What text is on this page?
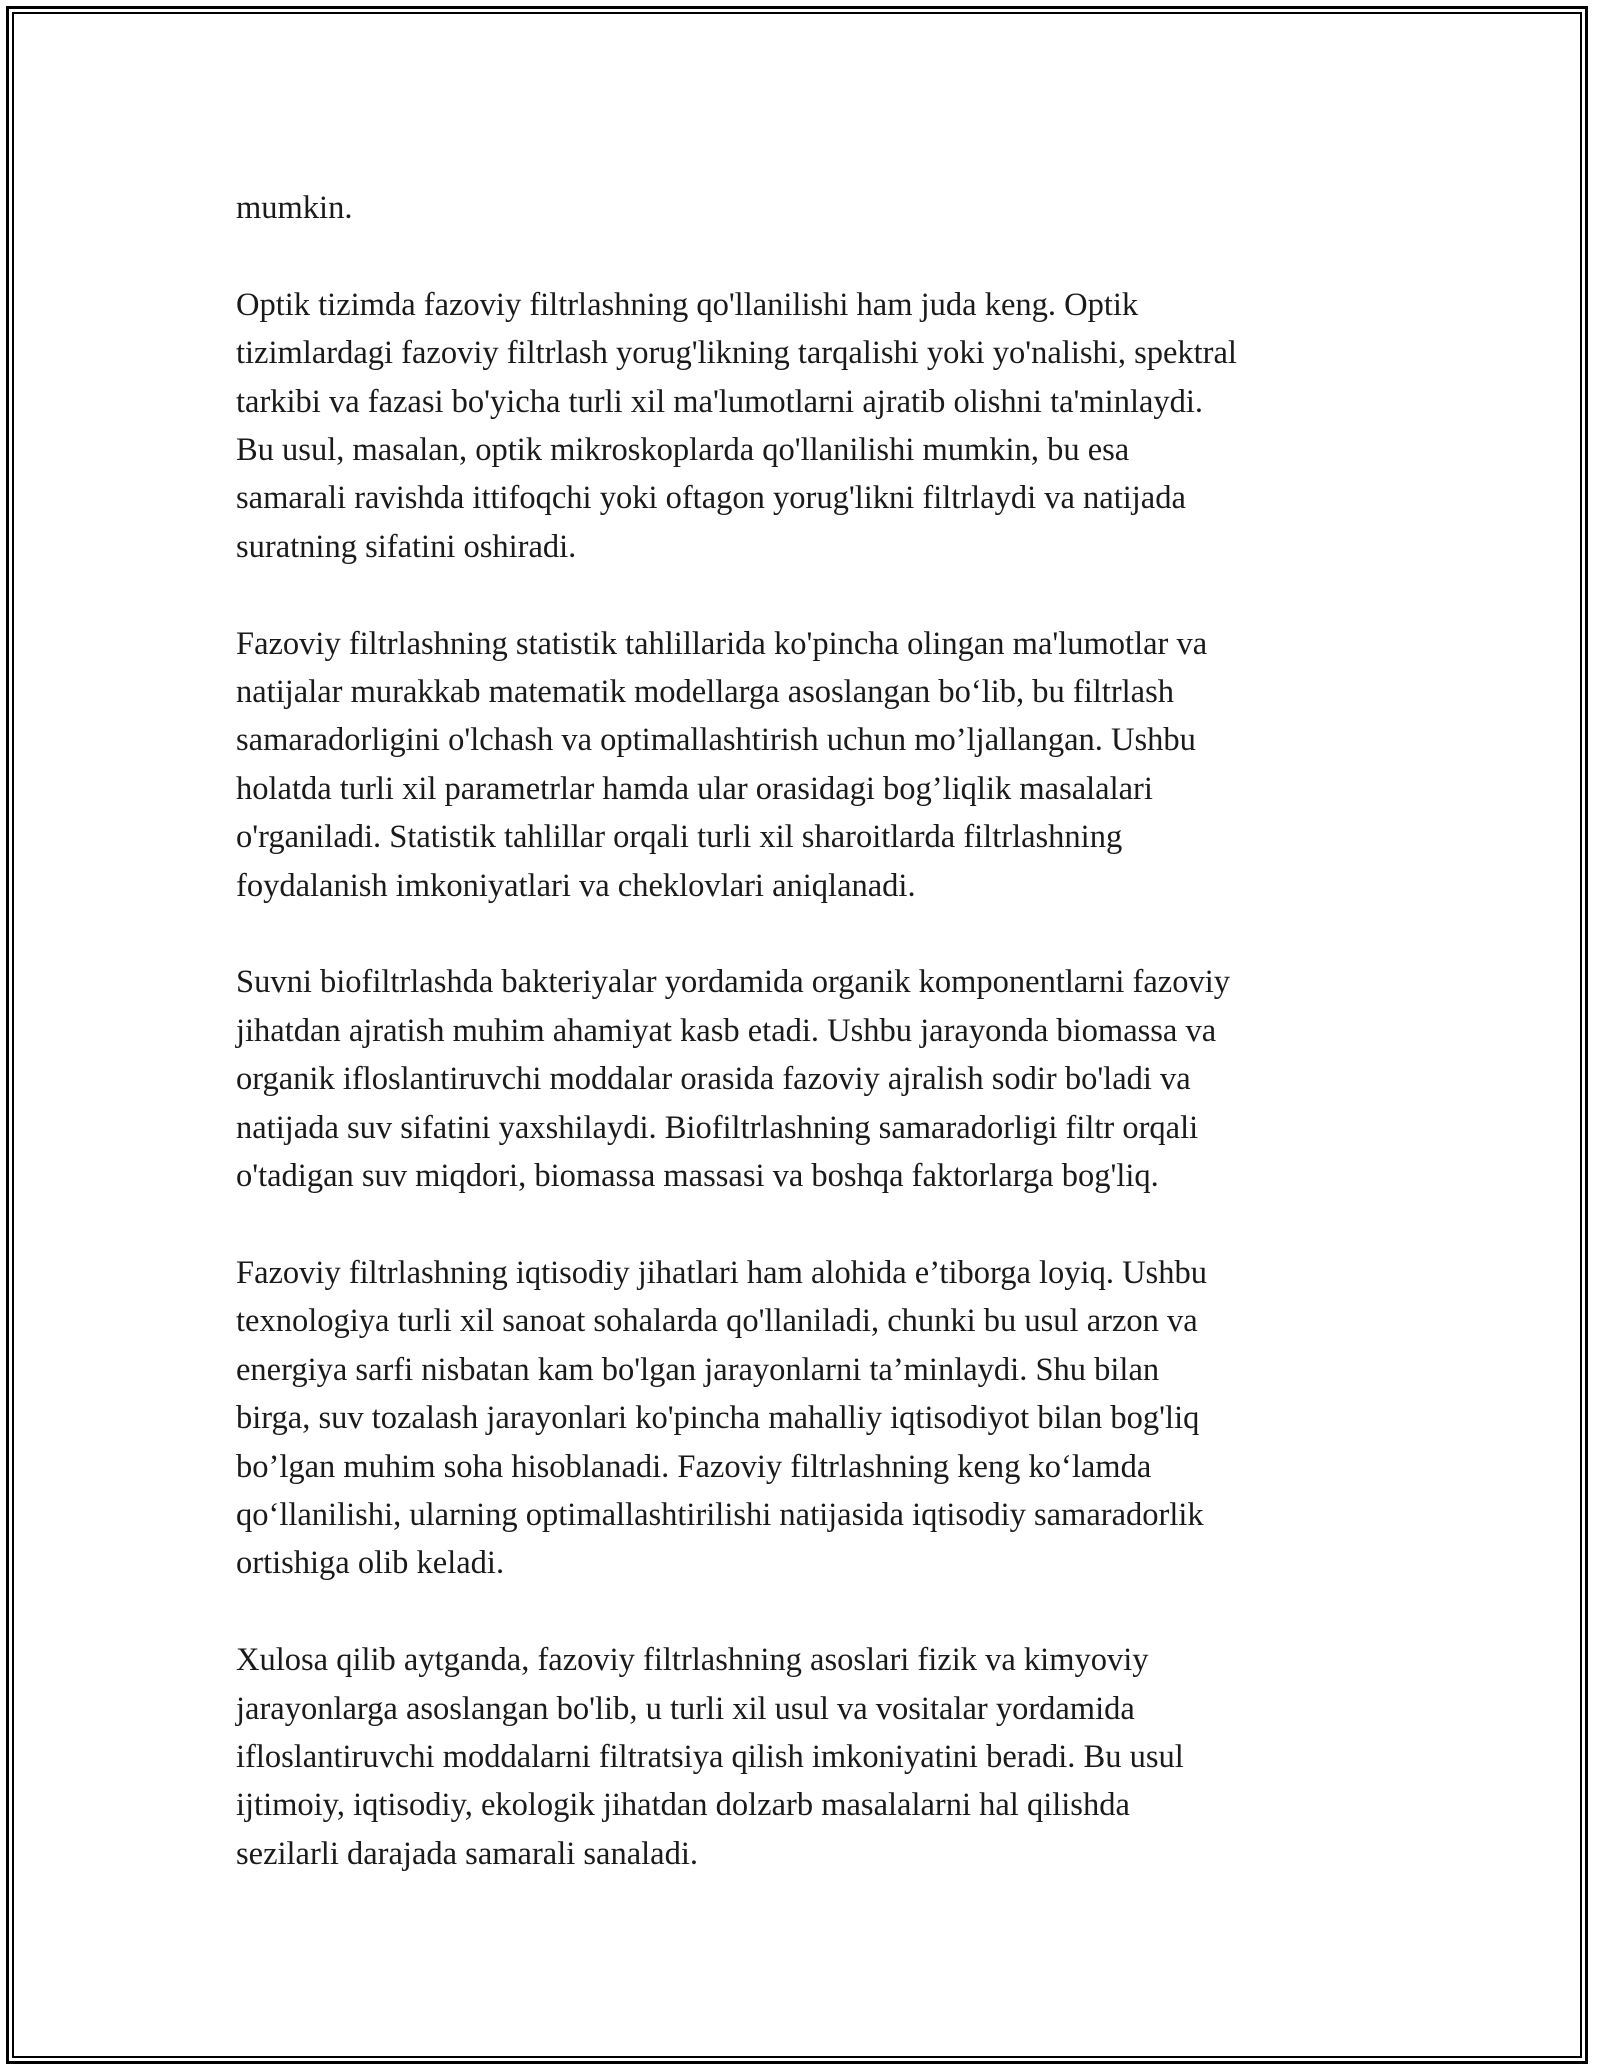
mumkin.

Optik tizimda fazoviy filtrlashning qo'llanilishi ham juda keng. Optik
tizimlardagi fazoviy filtrlash yorug'likning tarqalishi yoki yo'nalishi, spektral
tarkibi va fazasi bo'yicha turli xil ma'lumotlarni ajratib olishni ta'minlaydi.
Bu usul, masalan, optik mikroskoplarda qo'llanilishi mumkin, bu esa
samarali ravishda ittifoqchi yoki oftagon yorug'likni filtrlaydi va natijada
suratning sifatini oshiradi.

Fazoviy filtrlashning statistik tahlillarida ko'pincha olingan ma'lumotlar va
natijalar murakkab matematik modellarga asoslangan bo‘lib, bu filtrlash
samaradorligini o'lchash va optimallashtirish uchun mo’ljallangan. Ushbu
holatda turli xil parametrlar hamda ular orasidagi bog’liqlik masalalari
o'rganiladi. Statistik tahlillar orqali turli xil sharoitlarda filtrlashning
foydalanish imkoniyatlari va cheklovlari aniqlanadi.

Suvni biofiltrlashda bakteriyalar yordamida organik komponentlarni fazoviy
jihatdan ajratish muhim ahamiyat kasb etadi. Ushbu jarayonda biomassa va
organik ifloslantiruvchi moddalar orasida fazoviy ajralish sodir bo'ladi va
natijada suv sifatini yaxshilaydi. Biofiltrlashning samaradorligi filtr orqali
o'tadigan suv miqdori, biomassa massasi va boshqa faktorlarga bog'liq.

Fazoviy filtrlashning iqtisodiy jihatlari ham alohida e’tiborga loyiq. Ushbu
texnologiya turli xil sanoat sohalarda qo'llaniladi, chunki bu usul arzon va
energiya sarfi nisbatan kam bo'lgan jarayonlarni ta’minlaydi. Shu bilan
birga, suv tozalash jarayonlari ko'pincha mahalliy iqtisodiyot bilan bog'liq
bo’lgan muhim soha hisoblanadi. Fazoviy filtrlashning keng ko‘lamda
qo‘llanilishi, ularning optimallashtirilishi natijasida iqtisodiy samaradorlik
ortishiga olib keladi.

Xulosa qilib aytganda, fazoviy filtrlashning asoslari fizik va kimyoviy
jarayonlarga asoslangan bo'lib, u turli xil usul va vositalar yordamida
ifloslantiruvchi moddalarni filtratsiya qilish imkoniyatini beradi. Bu usul
ijtimoiy, iqtisodiy, ekologik jihatdan dolzarb masalalarni hal qilishda
sezilarli darajada samarali sanaladi.
